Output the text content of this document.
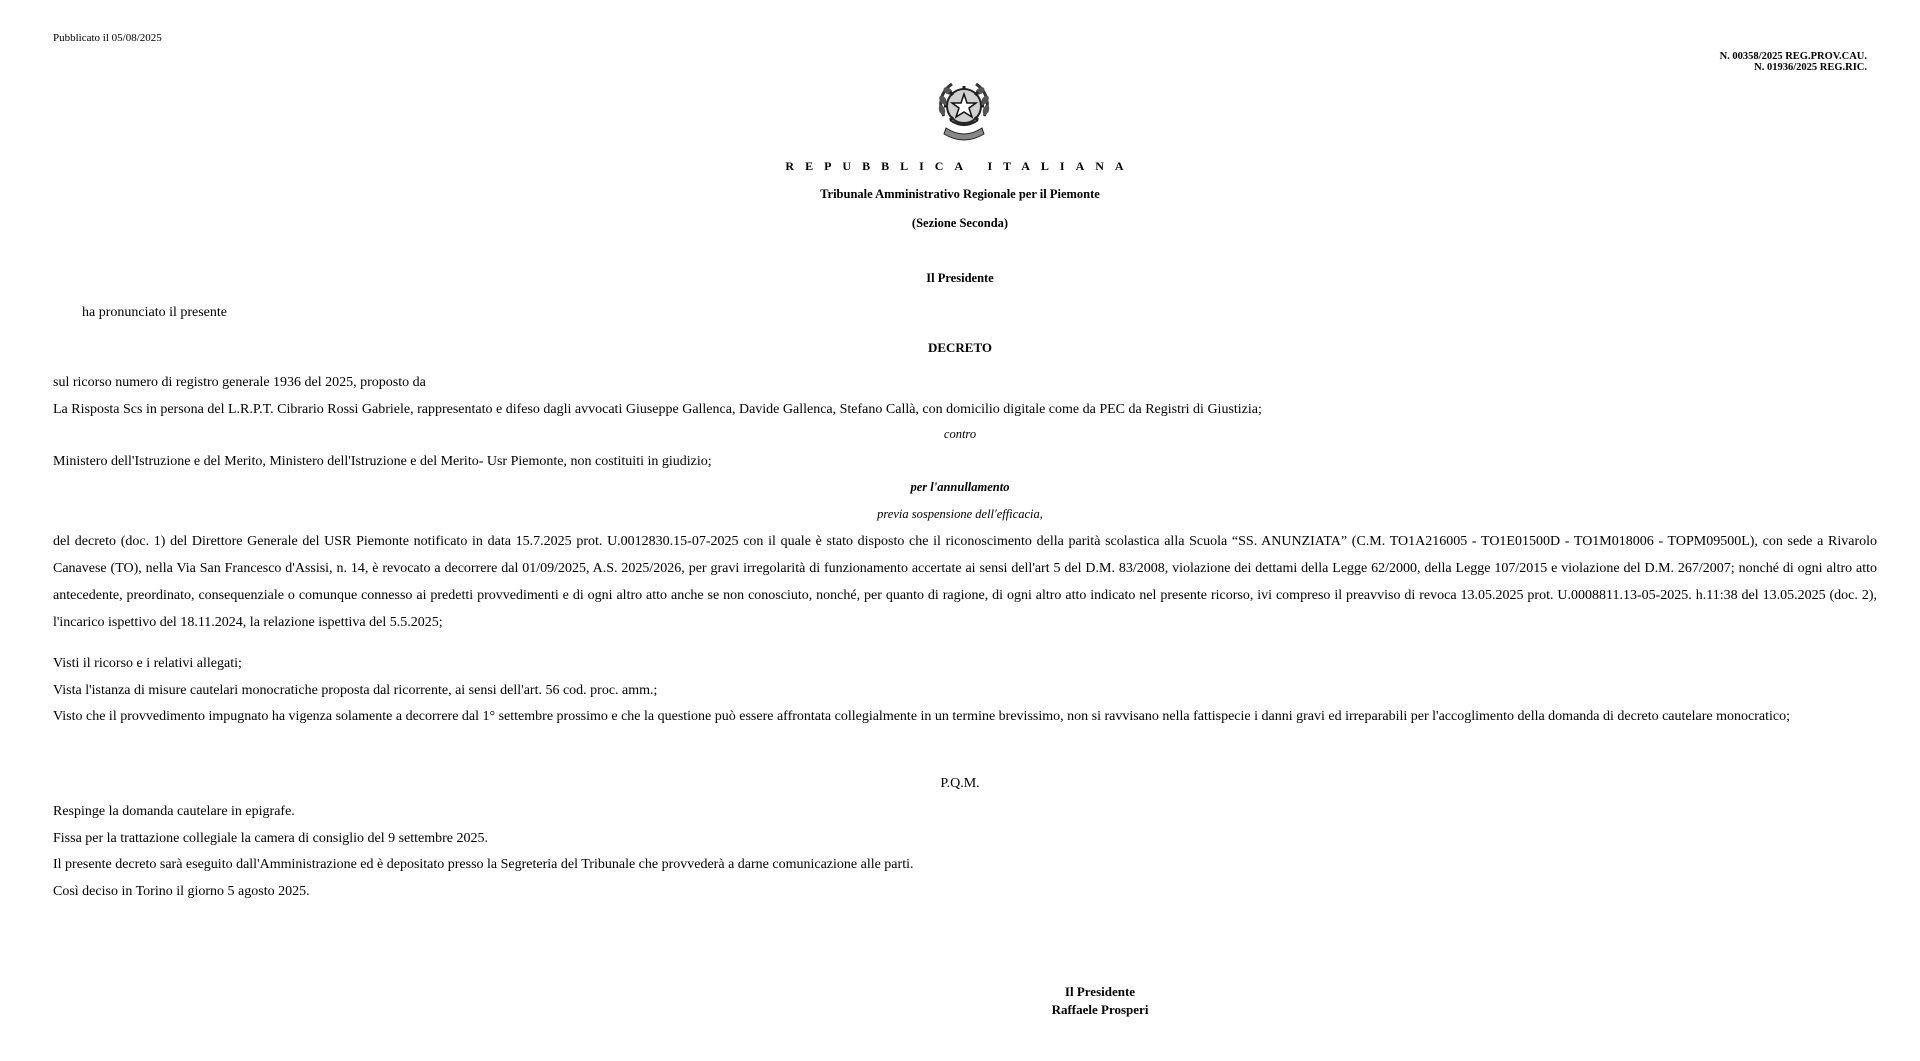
Pubblicato il 05/08/2025
N. 00358/2025 REG.PROV.CAU.
N. 01936/2025 REG.RIC.
REPUBBLICA ITALIANA
Tribunale Amministrativo Regionale per il Piemonte
(Sezione Seconda)
Il Presidente
ha pronunciato il presente
DECRETO
sul ricorso numero di registro generale 1936 del 2025, proposto da
La Risposta Scs in persona del L.R.P.T. Cibrario Rossi Gabriele, rappresentato e difeso dagli avvocati Giuseppe Gallenca, Davide Gallenca, Stefano Callà, con domicilio digitale come da PEC da Registri di Giustizia;
contro
Ministero dell'Istruzione e del Merito, Ministero dell'Istruzione e del Merito- Usr Piemonte, non costituiti in giudizio;
per l'annullamento
previa sospensione dell'efficacia,
del decreto (doc. 1) del Direttore Generale del USR Piemonte notificato in data 15.7.2025 prot. U.0012830.15-07-2025 con il quale è stato disposto che il riconoscimento della parità scolastica alla Scuola “SS. ANUNZIATA” (C.M. TO1A216005 - TO1E01500D - TO1M018006 - TOPM09500L), con sede a Rivarolo Canavese (TO), nella Via San Francesco d'Assisi, n. 14, è revocato a decorrere dal 01/09/2025, A.S. 2025/2026, per gravi irregolarità di funzionamento accertate ai sensi dell'art 5 del D.M. 83/2008, violazione dei dettami della Legge 62/2000, della Legge 107/2015 e violazione del D.M. 267/2007; nonché di ogni altro atto antecedente, preordinato, consequenziale o comunque connesso ai predetti provvedimenti e di ogni altro atto anche se non conosciuto, nonché, per quanto di ragione, di ogni altro atto indicato nel presente ricorso, ivi compreso il preavviso di revoca 13.05.2025 prot. U.0008811.13-05-2025. h.11:38 del 13.05.2025 (doc. 2), l'incarico ispettivo del 18.11.2024, la relazione ispettiva del 5.5.2025;
Visti il ricorso e i relativi allegati;
Vista l'istanza di misure cautelari monocratiche proposta dal ricorrente, ai sensi dell'art. 56 cod. proc. amm.;
Visto che il provvedimento impugnato ha vigenza solamente a decorrere dal 1° settembre prossimo e che la questione può essere affrontata collegialmente in un termine brevissimo, non si ravvisano nella fattispecie i danni gravi ed irreparabili per l'accoglimento della domanda di decreto cautelare monocratico;
P.Q.M.
Respinge la domanda cautelare in epigrafe.
Fissa per la trattazione collegiale la camera di consiglio del 9 settembre 2025.
Il presente decreto sarà eseguito dall'Amministrazione ed è depositato presso la Segreteria del Tribunale che provvederà a darne comunicazione alle parti.
Così deciso in Torino il giorno 5 agosto 2025.
Il Presidente
Raffaele Prosperi
